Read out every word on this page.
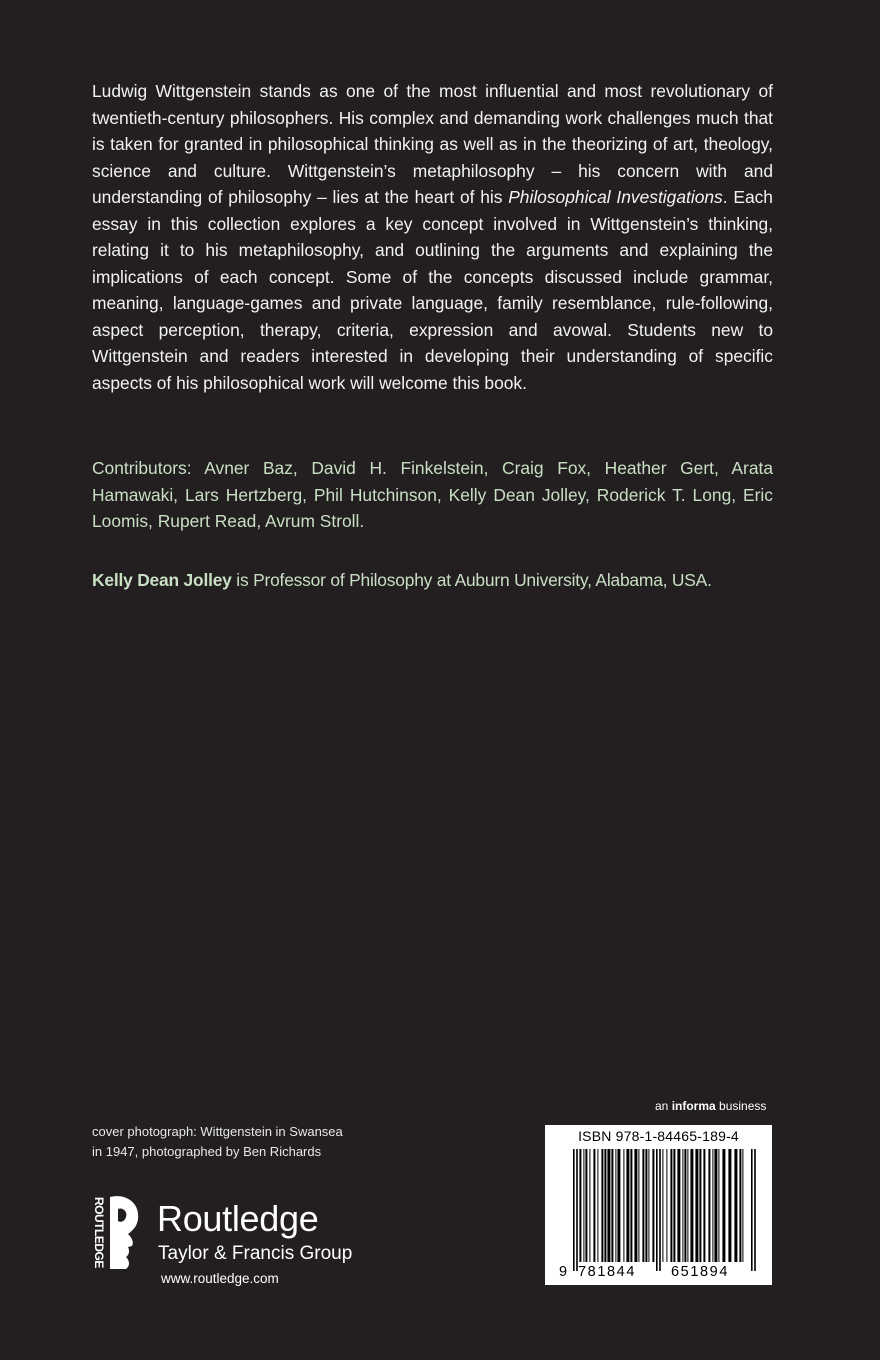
Ludwig Wittgenstein stands as one of the most influential and most revolutionary of twentieth-century philosophers. His complex and demanding work challenges much that is taken for granted in philosophical thinking as well as in the theorizing of art, theology, science and culture. Wittgenstein’s metaphilosophy – his concern with and understanding of philosophy – lies at the heart of his Philosophical Investigations. Each essay in this collection explores a key concept involved in Wittgenstein’s thinking, relating it to his metaphilosophy, and outlining the arguments and explaining the implications of each concept. Some of the concepts discussed include grammar, meaning, language-games and private language, family resemblance, rule-following, aspect perception, therapy, criteria, expression and avowal. Students new to Wittgenstein and readers interested in developing their understanding of specific aspects of his philosophical work will welcome this book.

Contributors: Avner Baz, David H. Finkelstein, Craig Fox, Heather Gert, Arata Hamawaki, Lars Hertzberg, Phil Hutchinson, Kelly Dean Jolley, Roderick T. Long, Eric Loomis, Rupert Read, Avrum Stroll.

Kelly Dean Jolley is Professor of Philosophy at Auburn University, Alabama, USA.

cover photograph: Wittgenstein in Swansea
in 1947, photographed by Ben Richards
an informa business
ISBN 978-1-84465-189-4
9 781844 651894
ROUTLEDGE Routledge
Taylor & Francis Group
www.routledge.com
